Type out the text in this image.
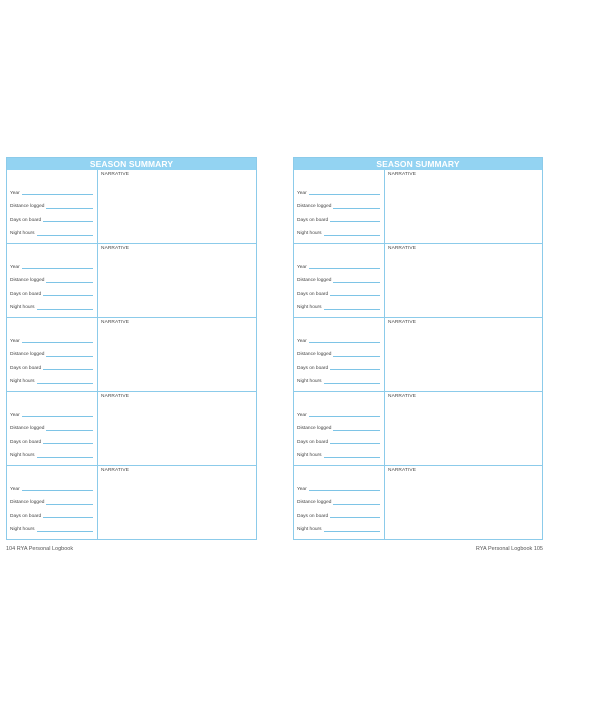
SEASON SUMMARY
Year
Distance logged
Days on board
Night hours
NARRATIVE
Year
Distance logged
Days on board
Night hours
NARRATIVE
Year
Distance logged
Days on board
Night hours
NARRATIVE
Year
Distance logged
Days on board
Night hours
NARRATIVE
Year
Distance logged
Days on board
Night hours
NARRATIVE
SEASON SUMMARY
Year
Distance logged
Days on board
Night hours
NARRATIVE
Year
Distance logged
Days on board
Night hours
NARRATIVE
Year
Distance logged
Days on board
Night hours
NARRATIVE
Year
Distance logged
Days on board
Night hours
NARRATIVE
Year
Distance logged
Days on board
Night hours
NARRATIVE
104 RYA Personal Logbook	RYA Personal Logbook 105
